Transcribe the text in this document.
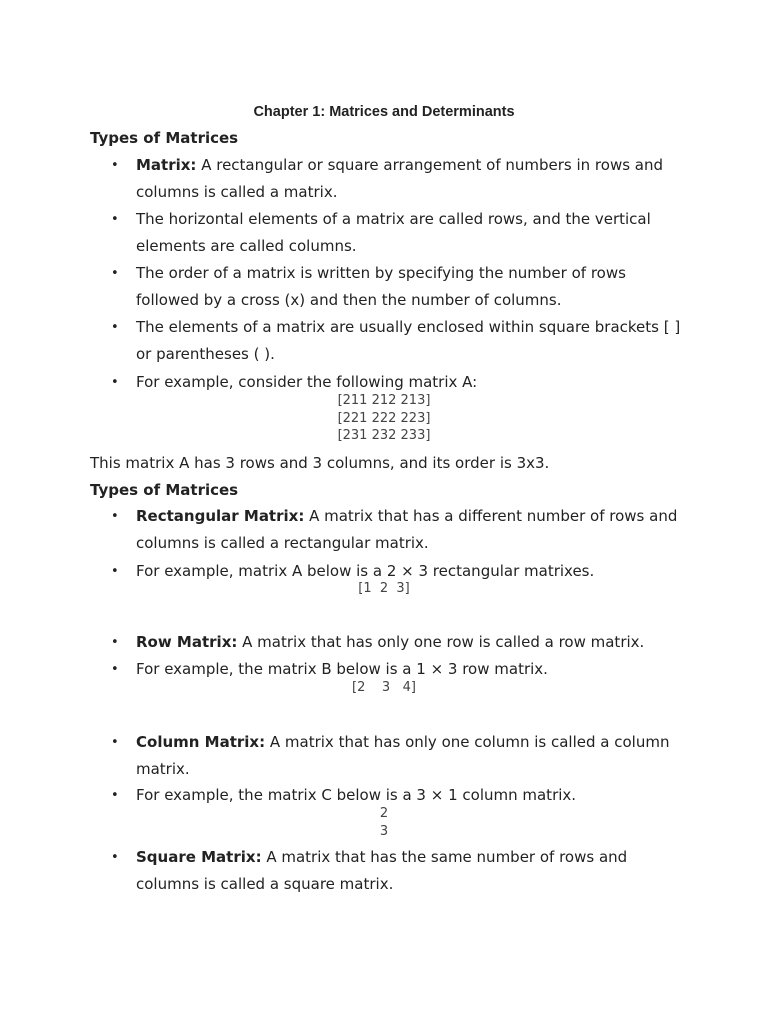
Chapter 1: Matrices and Determinants
Types of Matrices
• Matrix: A rectangular or square arrangement of numbers in rows and columns is called a matrix.
• The horizontal elements of a matrix are called rows, and the vertical elements are called columns.
• The order of a matrix is written by specifying the number of rows followed by a cross (x) and then the number of columns.
• The elements of a matrix are usually enclosed within square brackets [ ] or parentheses ( ).
• For example, consider the following matrix A:
[211 212 213]
[221 222 223]
[231 232 233]
This matrix A has 3 rows and 3 columns, and its order is 3x3.
Types of Matrices
• Rectangular Matrix: A matrix that has a different number of rows and columns is called a rectangular matrix.
• For example, matrix A below is a 2 × 3 rectangular matrixes.
[1  2  3]
• Row Matrix: A matrix that has only one row is called a row matrix.
• For example, the matrix B below is a 1 × 3 row matrix.
[2    3   4]
• Column Matrix: A matrix that has only one column is called a column matrix.
• For example, the matrix C below is a 3 × 1 column matrix.
2
3
• Square Matrix: A matrix that has the same number of rows and columns is called a square matrix.
